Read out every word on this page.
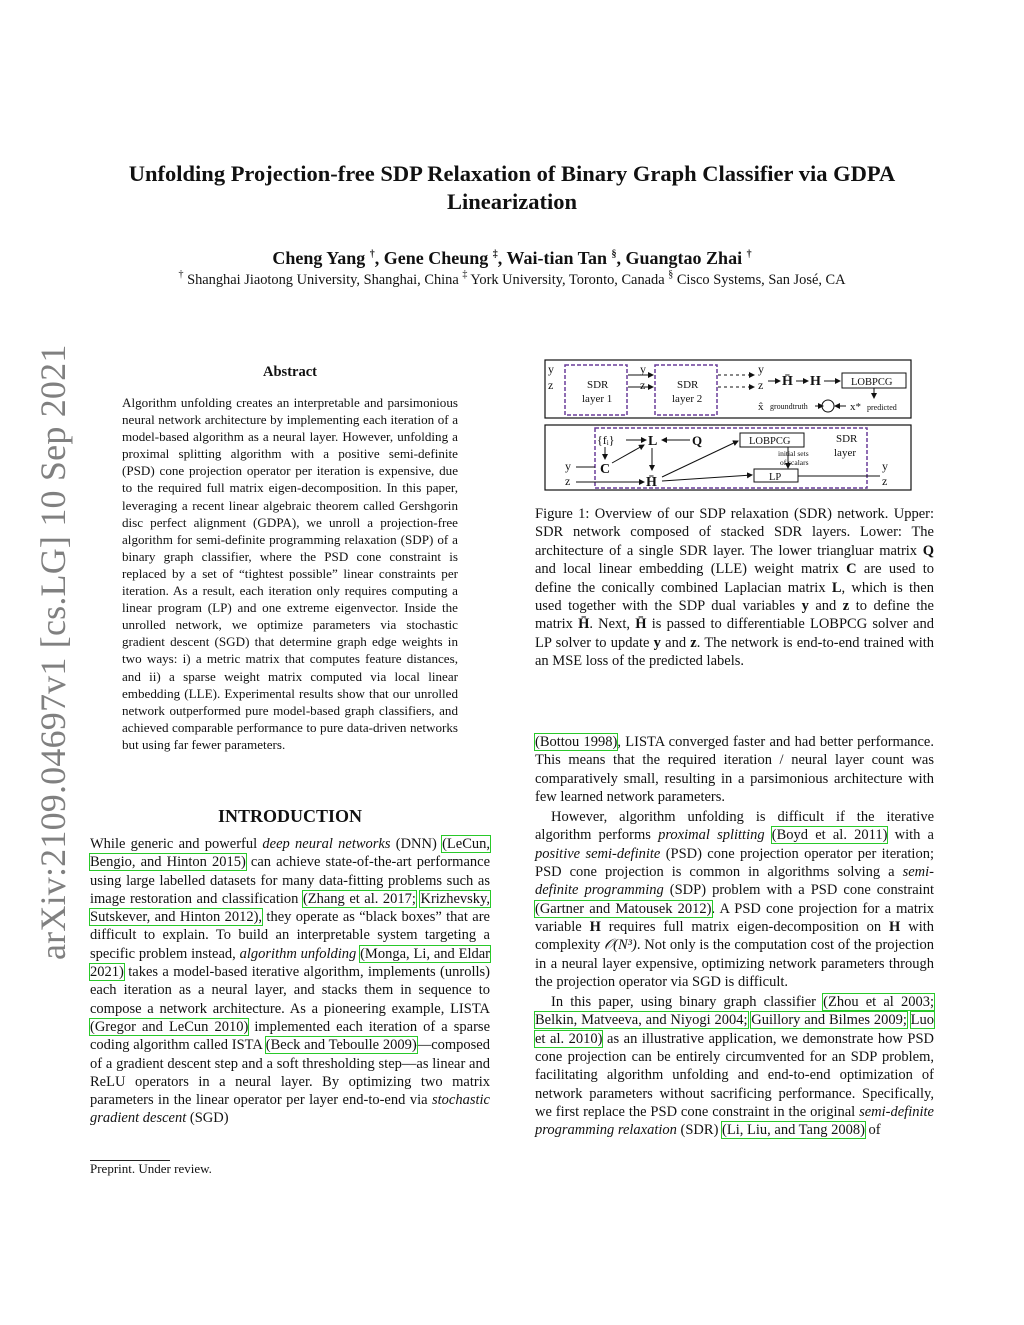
arXiv:2109.04697v1 [cs.LG] 10 Sep 2021
Unfolding Projection-free SDP Relaxation of Binary Graph Classifier via GDPA Linearization
Cheng Yang †, Gene Cheung ‡, Wai-tian Tan §, Guangtao Zhai †
† Shanghai Jiaotong University, Shanghai, China ‡ York University, Toronto, Canada § Cisco Systems, San José, CA
Abstract
Algorithm unfolding creates an interpretable and parsimonious neural network architecture by implementing each iteration of a model-based algorithm as a neural layer. However, unfolding a proximal splitting algorithm with a positive semi-definite (PSD) cone projection operator per iteration is expensive, due to the required full matrix eigen-decomposition. In this paper, leveraging a recent linear algebraic theorem called Gershgorin disc perfect alignment (GDPA), we unroll a projection-free algorithm for semi-definite programming relaxation (SDP) of a binary graph classifier, where the PSD cone constraint is replaced by a set of “tightest possible” linear constraints per iteration. As a result, each iteration only requires computing a linear program (LP) and one extreme eigenvector. Inside the unrolled network, we optimize parameters via stochastic gradient descent (SGD) that determine graph edge weights in two ways: i) a metric matrix that computes feature distances, and ii) a sparse weight matrix computed via local linear embedding (LLE). Experimental results show that our unrolled network outperformed pure model-based graph classifiers, and achieved comparable performance to pure data-driven networks but using far fewer parameters.
INTRODUCTION

While generic and powerful deep neural networks (DNN) (LeCun, Bengio, and Hinton 2015) can achieve state-of-the-art performance using large labelled datasets for many data-fitting problems such as image restoration and classification (Zhang et al. 2017; Krizhevsky, Sutskever, and Hinton 2012), they operate as “black boxes” that are difficult to explain. To build an interpretable system targeting a specific problem instead, algorithm unfolding (Monga, Li, and Eldar 2021) takes a model-based iterative algorithm, implements (unrolls) each iteration as a neural layer, and stacks them in sequence to compose a network architecture. As a pioneering example, LISTA (Gregor and LeCun 2010) implemented each iteration of a sparse coding algorithm called ISTA (Beck and Teboulle 2009)—composed of a gradient descent step and a soft thresholding step—as linear and ReLU operators in a neural layer. By optimizing two matrix parameters in the linear operator per layer end-to-end via stochastic gradient descent (SGD)

Preprint. Under review.
y
z	SDR
layer 1
y
z	SDR
layer 2
y
z H̄ H	LOBPCG
x̂ groundtruth	x* predicted
SDR
layer
{fᵢ} L	Q
C
y
z	H̄
LOBPCG
initial sets
of scalars
LP
y
z
Figure 1: Overview of our SDP relaxation (SDR) network. Upper: SDR network composed of stacked SDR layers. Lower: The architecture of a single SDR layer. The lower triangluar matrix Q and local linear embedding (LLE) weight matrix C are used to define the conically combined Laplacian matrix L, which is then used together with the SDP dual variables y and z to define the matrix H̄. Next, H̄ is passed to differentiable LOBPCG solver and LP solver to update y and z. The network is end-to-end trained with an MSE loss of the predicted labels.

(Bottou 1998), LISTA converged faster and had better performance. This means that the required iteration / neural layer count was comparatively small, resulting in a parsimonious architecture with few learned network parameters.

However, algorithm unfolding is difficult if the iterative algorithm performs proximal splitting (Boyd et al. 2011) with a positive semi-definite (PSD) cone projection operator per iteration; PSD cone projection is common in algorithms solving a semi-definite programming (SDP) problem with a PSD cone constraint (Gartner and Matousek 2012). A PSD cone projection for a matrix variable H requires full matrix eigen-decomposition on H with complexity 𝒪(N³). Not only is the computation cost of the projection in a neural layer expensive, optimizing network parameters through the projection operator via SGD is difficult.

In this paper, using binary graph classifier (Zhou et al 2003; Belkin, Matveeva, and Niyogi 2004; Guillory and Bilmes 2009; Luo et al. 2010) as an illustrative application, we demonstrate how PSD cone projection can be entirely circumvented for an SDP problem, facilitating algorithm unfolding and end-to-end optimization of network parameters without sacrificing performance. Specifically, we first replace the PSD cone constraint in the original semi-definite programming relaxation (SDR) (Li, Liu, and Tang 2008) of
